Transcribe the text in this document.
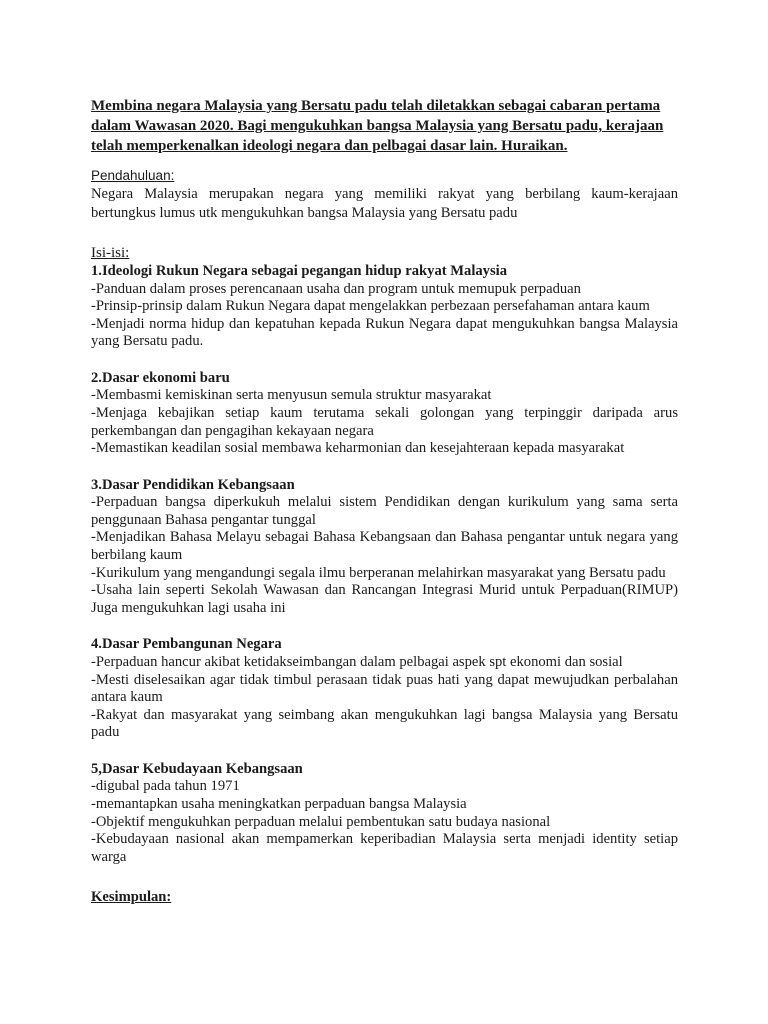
Membina negara Malaysia yang Bersatu padu telah diletakkan sebagai cabaran pertama
dalam Wawasan 2020. Bagi mengukuhkan bangsa Malaysia yang Bersatu padu, kerajaan
telah memperkenalkan ideologi negara dan pelbagai dasar lain. Huraikan.

Pendahuluan:

Negara Malaysia merupakan negara yang memiliki rakyat yang berbilang kaum-kerajaan bertungkus lumus utk mengukuhkan bangsa Malaysia yang Bersatu padu

Isi-isi:

1.Ideologi Rukun Negara sebagai pegangan hidup rakyat Malaysia

-Panduan dalam proses perencanaan usaha dan program untuk memupuk perpaduan

-Prinsip-prinsip dalam Rukun Negara dapat mengelakkan perbezaan persefahaman antara kaum

-Menjadi norma hidup dan kepatuhan kepada Rukun Negara dapat mengukuhkan bangsa Malaysia yang Bersatu padu.

2.Dasar ekonomi baru

-Membasmi kemiskinan serta menyusun semula struktur masyarakat

-Menjaga kebajikan setiap kaum terutama sekali golongan yang terpinggir daripada arus perkembangan dan pengagihan kekayaan negara

-Memastikan keadilan sosial membawa keharmonian dan kesejahteraan kepada masyarakat

3.Dasar Pendidikan Kebangsaan

-Perpaduan bangsa diperkukuh melalui sistem Pendidikan dengan kurikulum yang sama serta penggunaan Bahasa pengantar tunggal

-Menjadikan Bahasa Melayu sebagai Bahasa Kebangsaan dan Bahasa pengantar untuk negara yang berbilang kaum

-Kurikulum yang mengandungi segala ilmu berperanan melahirkan masyarakat yang Bersatu padu

-Usaha lain seperti Sekolah Wawasan dan Rancangan Integrasi Murid untuk Perpaduan(RIMUP) Juga mengukuhkan lagi usaha ini

4.Dasar Pembangunan Negara

-Perpaduan hancur akibat ketidakseimbangan dalam pelbagai aspek spt ekonomi dan sosial

-Mesti diselesaikan agar tidak timbul perasaan tidak puas hati yang dapat mewujudkan perbalahan antara kaum

-Rakyat dan masyarakat yang seimbang akan mengukuhkan lagi bangsa Malaysia yang Bersatu padu

5,Dasar Kebudayaan Kebangsaan

-digubal pada tahun 1971

-memantapkan usaha meningkatkan perpaduan bangsa Malaysia

-Objektif mengukuhkan perpaduan melalui pembentukan satu budaya nasional

-Kebudayaan nasional akan mempamerkan keperibadian Malaysia serta menjadi identity setiap warga

Kesimpulan:
